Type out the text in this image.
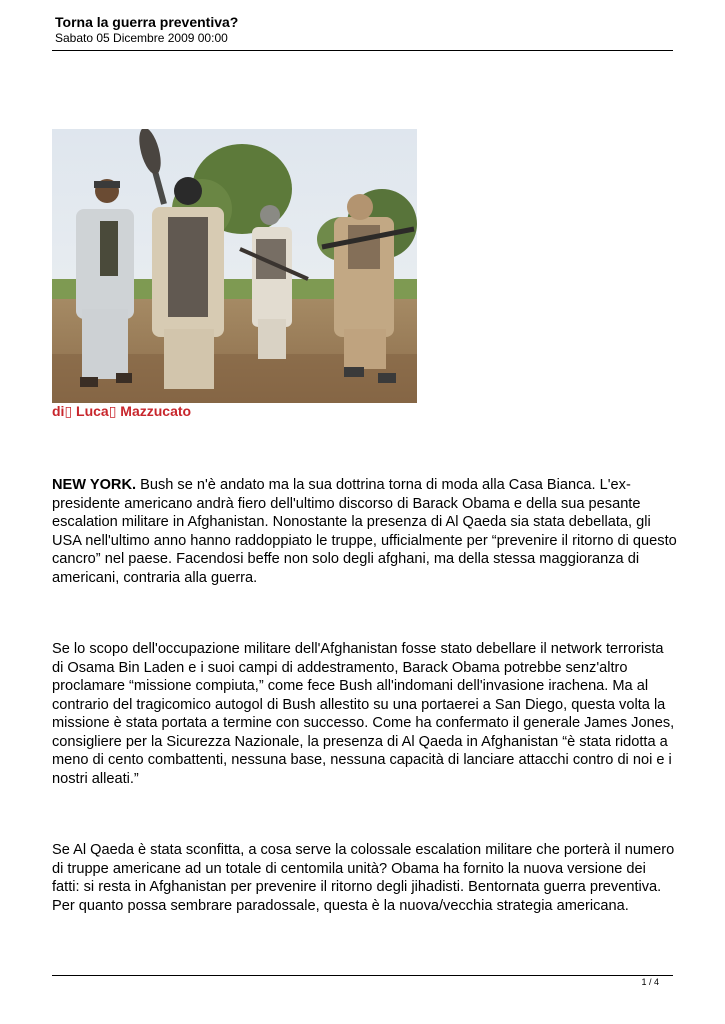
Torna la guerra preventiva?

Sabato 05 Dicembre 2009 00:00

di▯ Luca▯ Mazzucato

NEW YORK. Bush se n'è andato ma la sua dottrina torna di moda alla Casa Bianca. L'ex-presidente americano andrà fiero dell'ultimo discorso di Barack Obama e della sua pesante escalation militare in Afghanistan. Nonostante la presenza di Al Qaeda sia stata debellata, gli USA nell'ultimo anno hanno raddoppiato le truppe, ufficialmente per “prevenire il ritorno di questo cancro” nel paese. Facendosi beffe non solo degli afghani, ma della stessa maggioranza di americani, contraria alla guerra.

Se lo scopo dell'occupazione militare dell'Afghanistan fosse stato debellare il network terrorista di Osama Bin Laden e i suoi campi di addestramento, Barack Obama potrebbe senz'altro proclamare “missione compiuta,” come fece Bush all'indomani dell'invasione irachena. Ma al contrario del tragicomico autogol di Bush allestito su una portaerei a San Diego, questa volta la missione è stata portata a termine con successo. Come ha confermato il generale James Jones, consigliere per la Sicurezza Nazionale, la presenza di Al Qaeda in Afghanistan “è stata ridotta a meno di cento combattenti, nessuna base, nessuna capacità di lanciare attacchi contro di noi e i nostri alleati.”

Se Al Qaeda è stata sconfitta, a cosa serve la colossale escalation militare che porterà il numero di truppe americane ad un totale di centomila unità? Obama ha fornito la nuova versione dei fatti: si resta in Afghanistan per prevenire il ritorno degli jihadisti. Bentornata guerra preventiva. Per quanto possa sembrare paradossale, questa è la nuova/vecchia strategia americana.

1 / 4
